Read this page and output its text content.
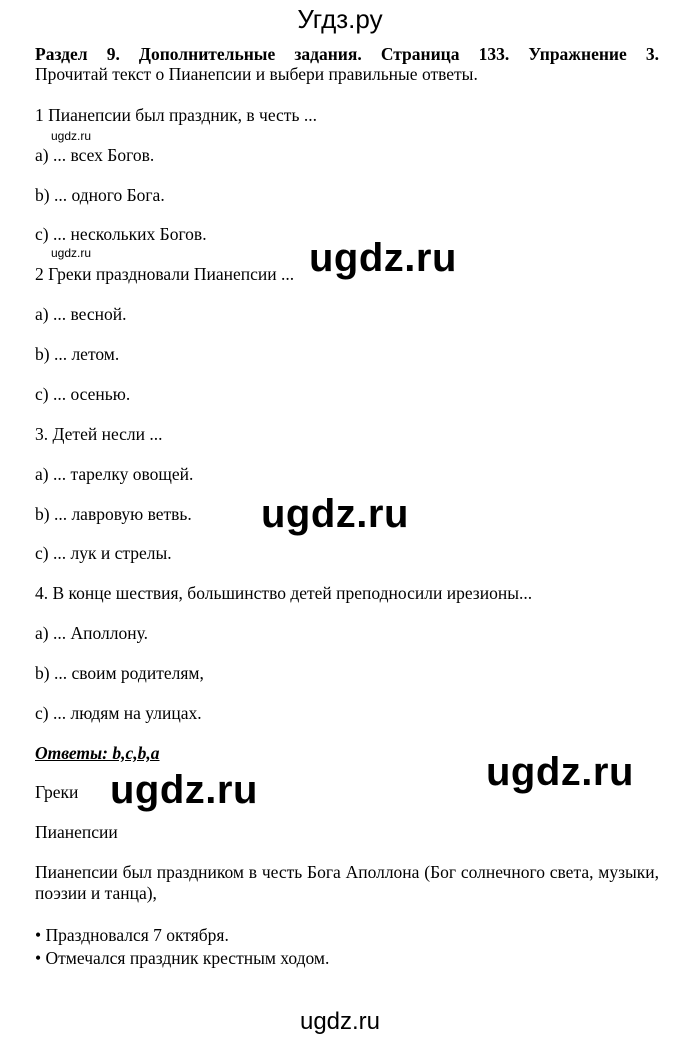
Угдз.ру
Раздел 9. Дополнительные задания. Страница 133. Упражнение 3.
Прочитай текст о Пианепсии и выбери правильные ответы.
1 Пианепсии был праздник, в честь ...
ugdz.ru
a) ... всех Богов.
b) ... одного Бога.
c) ... нескольких Богов.
ugdz.ru
2 Греки праздновали Пианепсии ... ugdz.ru
a) ... весной.
b) ... летом.
c) ... осенью.
3. Детей несли ...
a) ... тарелку овощей.
ugdz.ru
b) ... лавровую ветвь.
c) ... лук и стрелы.
4. В конце шествия, большинство детей преподносили ирезионы...
a) ... Аполлону.
b) ... своим родителям,
c) ... людям на улицах.
Ответы: b,c,b,a	ugdz.ru
Греки ugdz.ru
Пианепсии
Пианепсии был праздником в честь Бога Аполлона (Бог солнечного света, музыки, поэзии и танца),
• Праздновался 7 октября.
• Отмечался праздник крестным ходом.
ugdz.ru
